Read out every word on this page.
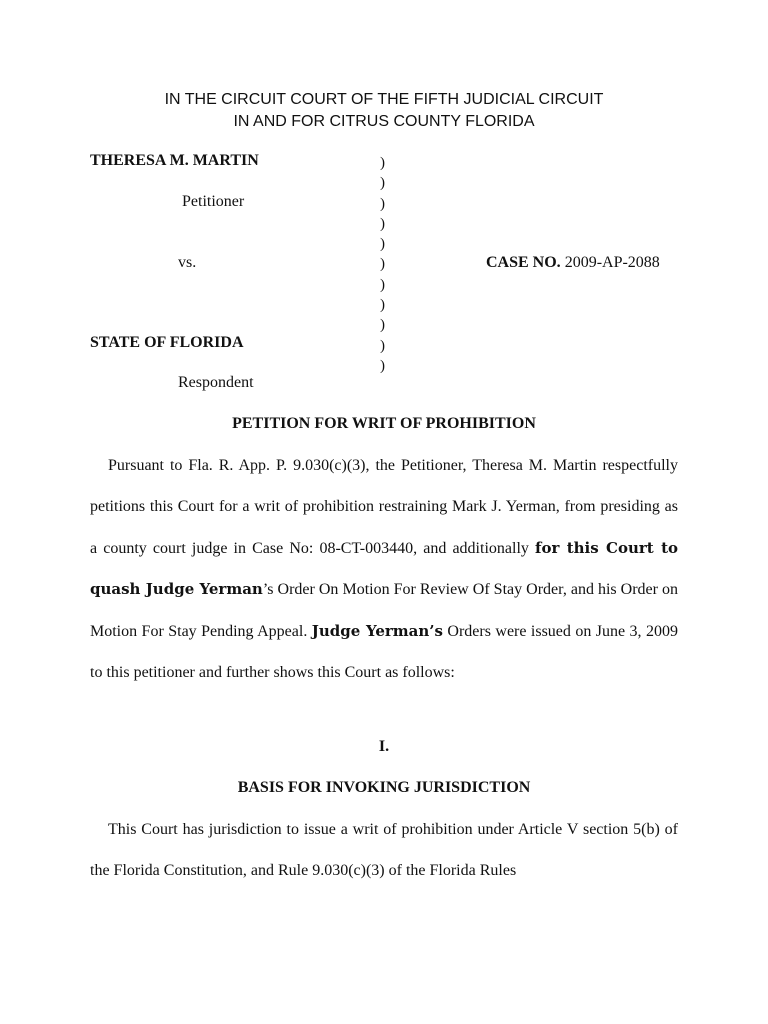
IN THE CIRCUIT COURT OF THE FIFTH JUDICIAL CIRCUIT
IN AND FOR CITRUS COUNTY FLORIDA
THERESA M. MARTIN
Petitioner
vs.
STATE OF FLORIDA
Respondent
)
)
)
)
)
)
)
)
)
)
)
CASE NO. 2009-AP-2088
PETITION FOR WRIT OF PROHIBITION
Pursuant to Fla. R. App. P. 9.030(c)(3), the Petitioner, Theresa M. Martin respectfully petitions this Court for a writ of prohibition restraining Mark J. Yerman, from presiding as a county court judge in Case No: 08-CT-003440, and additionally for this Court to quash Judge Yerman’s Order On Motion For Review Of Stay Order, and his Order on Motion For Stay Pending Appeal. Judge Yerman’s Orders were issued on June 3, 2009 to this petitioner and further shows this Court as follows:
I.
BASIS FOR INVOKING JURISDICTION
This Court has jurisdiction to issue a writ of prohibition under Article V section 5(b) of the Florida Constitution, and Rule 9.030(c)(3) of the Florida Rules
